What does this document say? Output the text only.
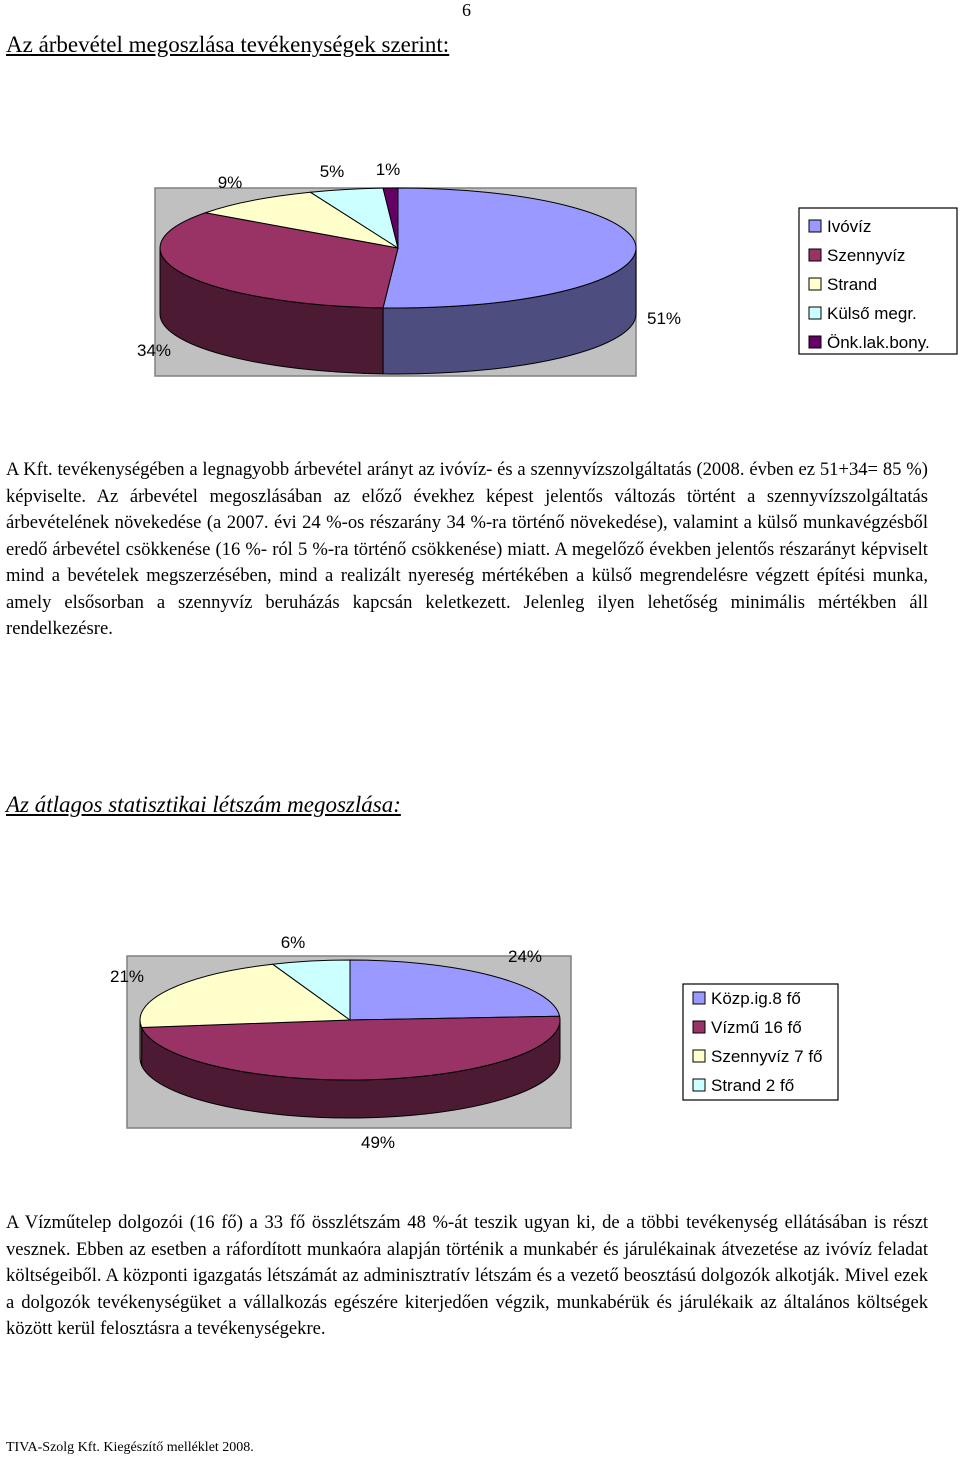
6
Az árbevétel megoszlása tevékenységek szerint:
51%
34%
9%
5% 1%
Ivóvíz
Szennyvíz
Strand
Külső megr.
Önk.lak.bony.
A Kft. tevékenységében a legnagyobb árbevétel arányt az ivóvíz- és a szennyvízszolgáltatás (2008. évben ez 51+34= 85 %) képviselte. Az árbevétel megoszlásában az előző évekhez képest jelentős változás történt a szennyvízszolgáltatás árbevételének növekedése (a 2007. évi 24 %-os részarány 34 %-ra történő növekedése), valamint a külső munkavégzésből eredő árbevétel csökkenése (16 %- ról 5 %-ra történő csökkenése) miatt. A megelőző években jelentős részarányt képviselt mind a bevételek megszerzésében, mind a realizált nyereség mértékében a külső megrendelésre végzett építési munka, amely elsősorban a szennyvíz beruházás kapcsán keletkezett. Jelenleg ilyen lehetőség minimális mértékben áll rendelkezésre.
Az átlagos statisztikai létszám megoszlása:
24%
49%
21%
6%
Közp.ig.8 fő
Vízmű 16 fő
Szennyvíz 7 fő
Strand 2 fő
A Vízműtelep dolgozói (16 fő) a 33 fő összlétszám 48 %-át teszik ugyan ki, de a többi tevékenység ellátásában is részt vesznek. Ebben az esetben a ráfordított munkaóra alapján történik a munkabér és járulékainak átvezetése az ivóvíz feladat költségeiből. A központi igazgatás létszámát az adminisztratív létszám és a vezető beosztású dolgozók alkotják. Mivel ezek a dolgozók tevékenységüket a vállalkozás egészére kiterjedően végzik, munkabérük és járulékaik az általános költségek között kerül felosztásra a tevékenységekre.
TIVA-Szolg Kft. Kiegészítő melléklet 2008.
